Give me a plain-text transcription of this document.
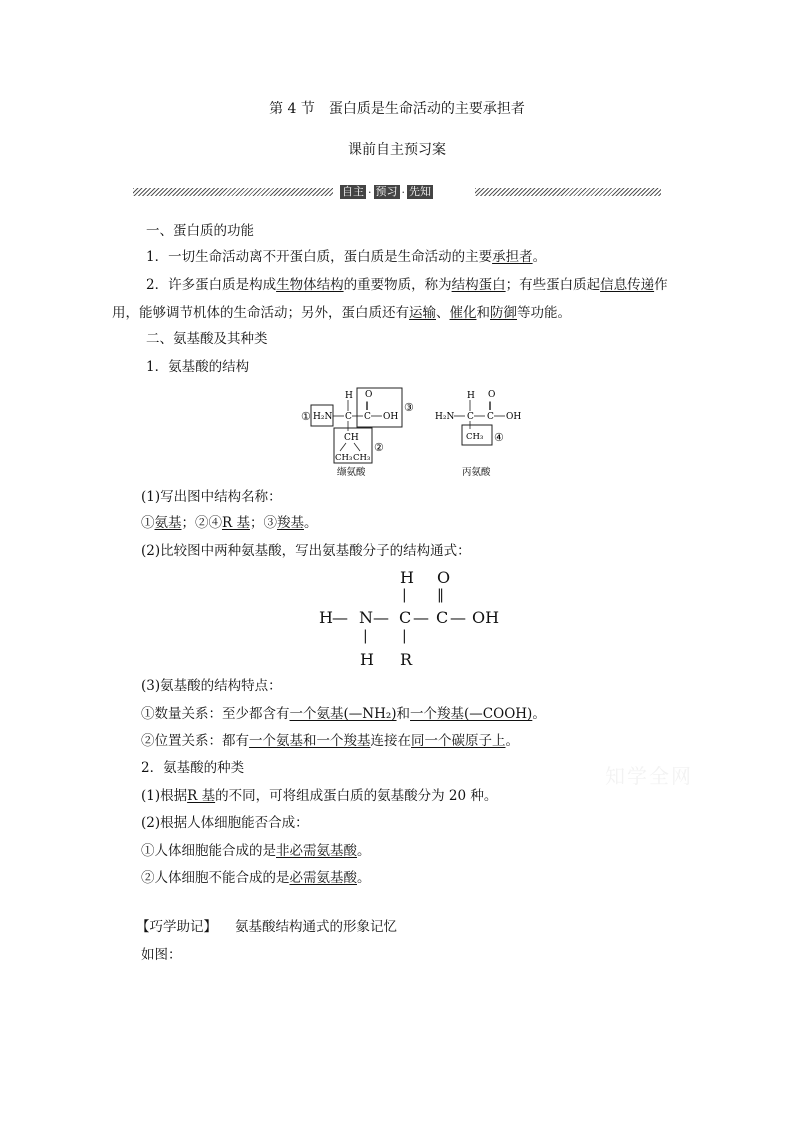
第 4 节　蛋白质是生命活动的主要承担者
课前自主预习案
自主 · 预习 · 先知
一、蛋白质的功能
1．一切生命活动离不开蛋白质，蛋白质是生命活动的主要承担者。
2．许多蛋白质是构成生物体结构的重要物质，称为结构蛋白；有些蛋白质起信息传递作
用，能够调节机体的生命活动；另外，蛋白质还有运输、催化和防御等功能。
二、氨基酸及其种类
1．氨基酸的结构
① H₂N C
H
C
O
‖
OH
③
CH
CH₃ CH₃
②
缬氨酸
H₂N C
H
C
O
‖
OH
CH₃ ④
丙氨酸
(1)写出图中结构名称：
①氨基；②④R 基；③羧基。
(2)比较图中两种氨基酸，写出氨基酸分子的结构通式：
H O
| ‖
H — N — C — C — OH
| |
H R
(3)氨基酸的结构特点：
①数量关系：至少都含有一个氨基(—NH₂)和一个羧基(—COOH)。
②位置关系：都有一个氨基和一个羧基连接在同一个碳原子上。
2．氨基酸的种类
(1)根据R 基的不同，可将组成蛋白质的氨基酸分为 20 种。
(2)根据人体细胞能否合成：
①人体细胞能合成的是非必需氨基酸。
②人体细胞不能合成的是必需氨基酸。
【巧学助记】 氨基酸结构通式的形象记忆
如图：
知学全网
